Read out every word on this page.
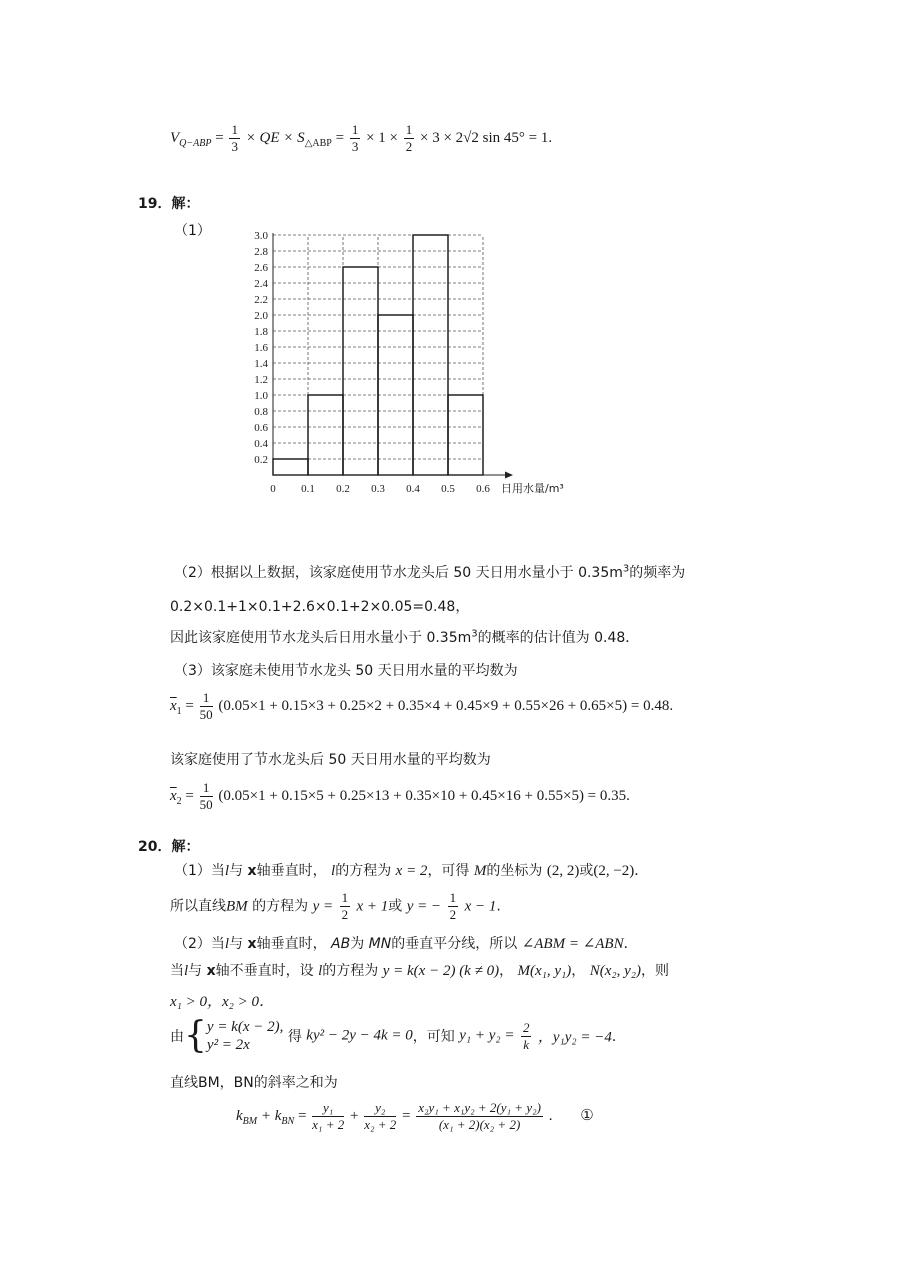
$V_{Q-ABP} = \frac{1}{3}$ × QE × $S_{\triangle ABP} = \frac{1}{3} \times 1 \times \frac{1}{2} \times 3 \times 2√2$ sin 45° = 1.
19．解：
（1）
0.2
0.4
0.6
0.8
1.0
1.2
1.4
1.6
1.8
2.0
2.2
2.4
2.6
2.8
3.0
0 0.1 0.2 0.3 0.4 0.5 0.6 日用水量/m³
（2）根据以上数据，该家庭使用节水龙头后 50 天日用水量小于 $0.35m^3$的频率为
0.2×0.1+1×0.1+2.6×0.1+2×0.05=0.48，
因此该家庭使用节水龙头后日用水量小于 $0.35m^3$的概率的估计值为 0.48．
（3）该家庭未使用节水龙头 50 天日用水量的平均数为
$\overline{x}_1 = \frac{1}{50} (0.05\times 1 + 0.15\times 3 + 0.25\times 2 + 0.35\times 4 + 0.45\times 9 + 0.55\times 26 + 0.65\times 5) = 0.48$.
该家庭使用了节水龙头后 50 天日用水量的平均数为
$\overline{x}_2 = \frac{1}{50} (0.05\times 1 + 0.15\times 5 + 0.25\times 13 + 0.35\times 10 + 0.45\times 16 + 0.55\times 5) = 0.35$.
20．解：
（1）当l与 x轴垂直时， l的方程为 x = 2，可得 M的坐标为 (2, 2)或(2, −2)．
所以直线BM 的方程为 $y = \frac{1}{2}$ x + 1或 y = − $\frac{1}{2}$ x − 1.
（2）当l与 x轴垂直时， AB为 MN的垂直平分线，所以 ∠ABM = ∠ABN．
当l与 x轴不垂直时，设 l的方程为 y = k(x − 2) (k ≠ 0)， M(x₁, y₁)， N(x₂, y₂)，则
x₁ > 0，x₂ > 0．
由{ y = k(x − 2),
y² = 2x	得 ky² − 2y − 4k = 0，可知 $y_1 + y_2 = \frac{2}{k}$ ，y₁y₂ = −4．
直线BM，BN的斜率之和为
$k_{BM} + k_{BN} = \frac{\text{y₁}}{\text{x₁ + 2}} + \frac{\text{y₂}}{\text{x₂ + 2}} = \frac{\text{x₂y₁ + x₁y₂ + 2(y₁ + y₂)}}{\text{(x₁ + 2)(x₂ + 2)}}$ . ①
